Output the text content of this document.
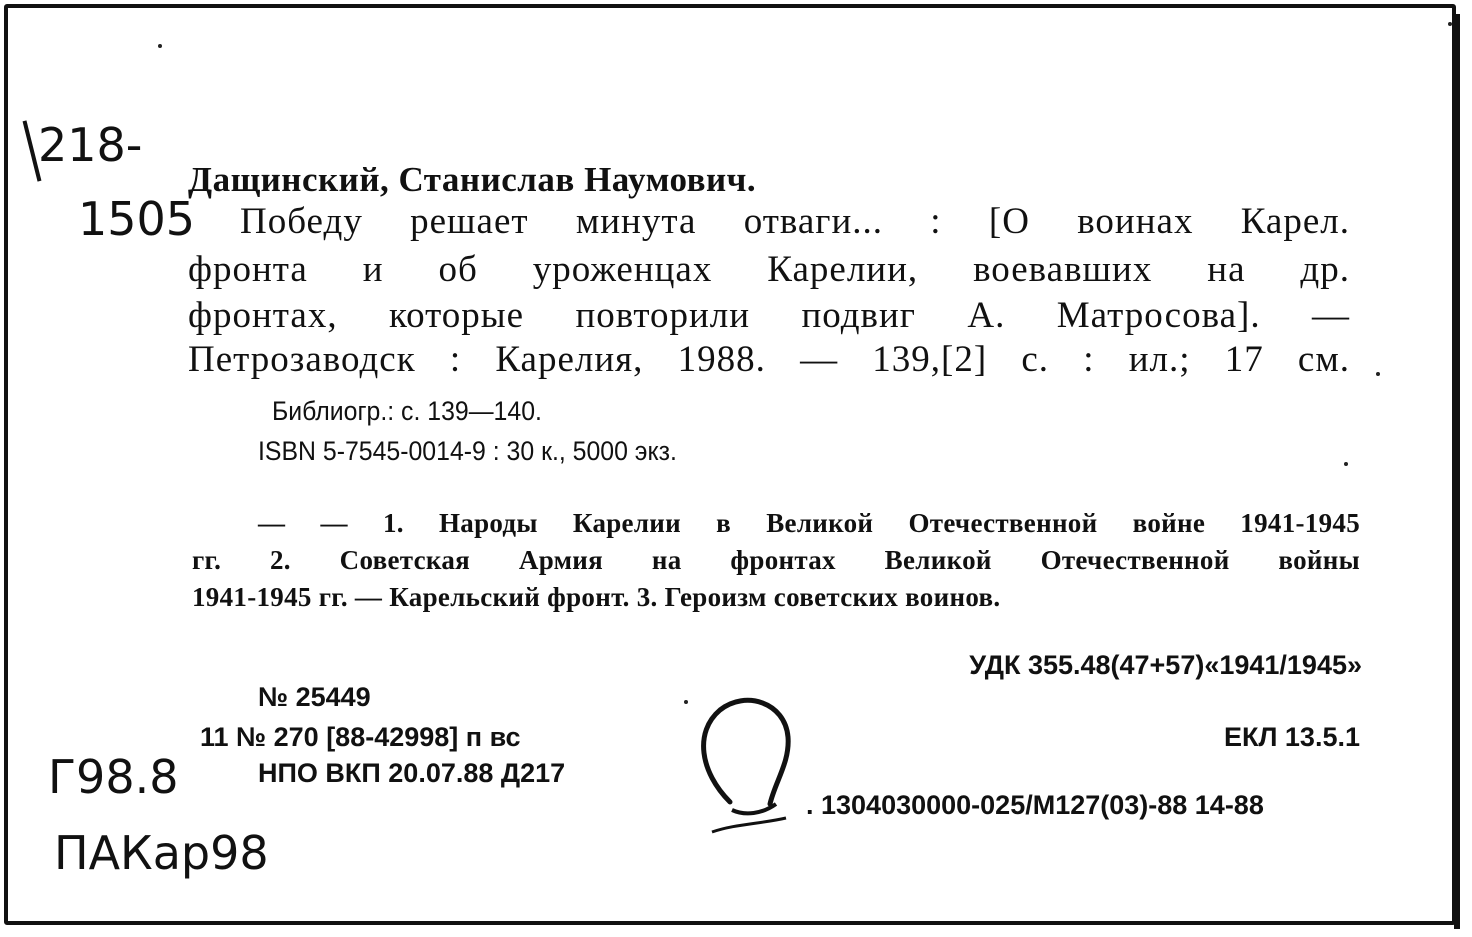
218-
1505
Г98.8
ПАКар98
Дащинский, Станислав Наумович.
Победу решает минута отваги... : [О воинах Карел.
фронта и об уроженцах Карелии, воевавших на др.
фронтах, которые повторили подвиг А. Матросова]. —
Петрозаводск : Карелия, 1988. — 139,[2] с. : ил.; 17 см.
Библиогр.: с. 139—140.
ISBN 5-7545-0014-9 : 30 к., 5000 экз.
— — 1. Народы Карелии в Великой Отечественной войне 1941-1945
гг. 2. Советская Армия на фронтах Великой Отечественной войны
1941-1945 гг. — Карельский фронт. 3. Героизм советских воинов.
УДК 355.48(47+57)«1941/1945»
№ 25449
11 № 270 [88-42998] п вс	ЕКЛ 13.5.1
НПО ВКП 20.07.88 Д217
. 1304030000-025/М127(03)-88 14-88
